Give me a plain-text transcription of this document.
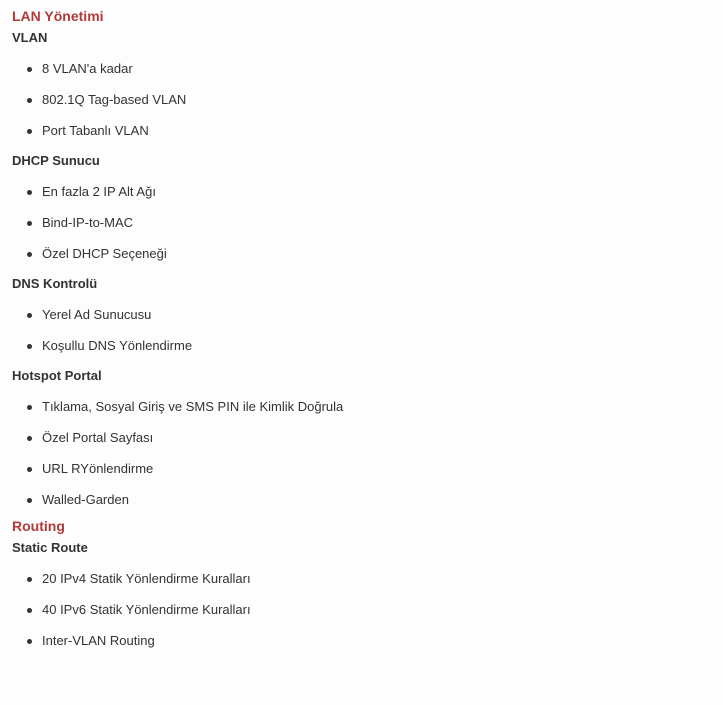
LAN Yönetimi
VLAN
8 VLAN'a kadar
802.1Q Tag-based VLAN
Port Tabanlı VLAN
DHCP Sunucu
En fazla 2 IP Alt Ağı
Bind-IP-to-MAC
Özel DHCP Seçeneği
DNS Kontrolü
Yerel Ad Sunucusu
Koşullu DNS Yönlendirme
Hotspot Portal
Tıklama, Sosyal Giriş ve SMS PIN ile Kimlik Doğrula
Özel Portal Sayfası
URL RYönlendirme
Walled-Garden
Routing
Static Route
20 IPv4 Statik Yönlendirme Kuralları
40 IPv6 Statik Yönlendirme Kuralları
Inter-VLAN Routing
